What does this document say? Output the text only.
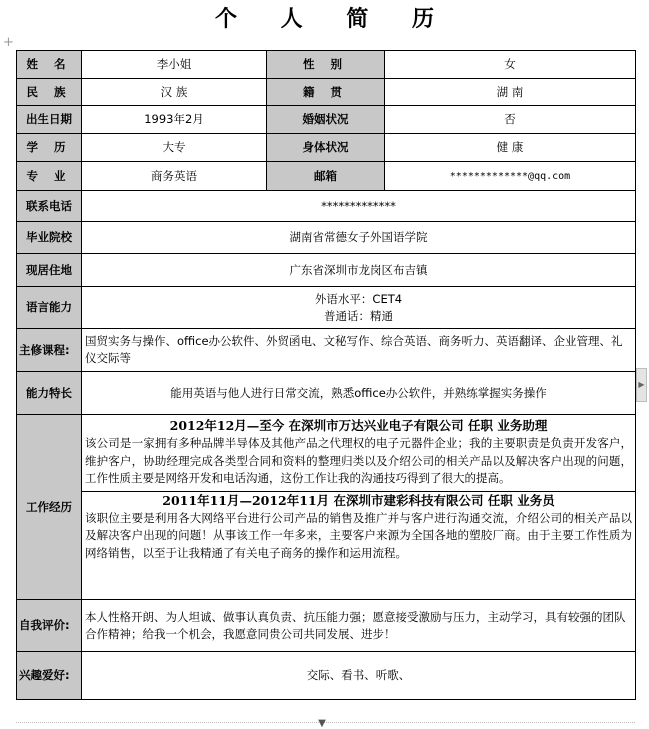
+
个 人 简 历
姓 名	李小姐	性 别	女
民 族	汉 族	籍 贯	湖 南
出生日期	1993年2月	婚姻状况	否
学 历	大专	身体状况	健 康
专 业	商务英语	邮箱	*************@qq.com
联系电话	*************		
毕业院校	湖南省常德女子外国语学院		
现居住地	广东省深圳市龙岗区布吉镇		
语言能力	外语水平：CET4
普通话：精通		

主修课程:	国贸实务与操作、office办公软件、外贸函电、文秘写作、综合英语、商务听力、英语翻译、企业管理、礼仪交际等		
能力特长	能用英语与他人进行日常交流，熟悉office办公软件，并熟练掌握实务操作		
工作经历	2012年12月—至今 在深圳市万达兴业电子有限公司 任职 业务助理
该公司是一家拥有多种品牌半导体及其他产品之代理权的电子元器件企业；我的主要职责是负责开发客户，维护客户，协助经理完成各类型合同和资料的整理归类以及介绍公司的相关产品以及解决客户出现的问题，工作性质主要是网络开发和电话沟通，这份工作让我的沟通技巧得到了很大的提高。
2011年11月—2012年11月 在深圳市建彩科技有限公司 任职 业务员
该职位主要是利用各大网络平台进行公司产品的销售及推广并与客户进行沟通交流，介绍公司的相关产品以及解决客户出现的问题！从事该工作一年多来，主要客户来源为全国各地的塑胶厂商。由于主要工作性质为网络销售，以至于让我精通了有关电子商务的操作和运用流程。		

自我评价:	本人性格开朗、为人坦诚、做事认真负责、抗压能力强；愿意接受激励与压力，主动学习，具有较强的团队合作精神；给我一个机会，我愿意同贵公司共同发展、进步！		
兴趣爱好:	交际、看书、听歌、		
▶
▼
